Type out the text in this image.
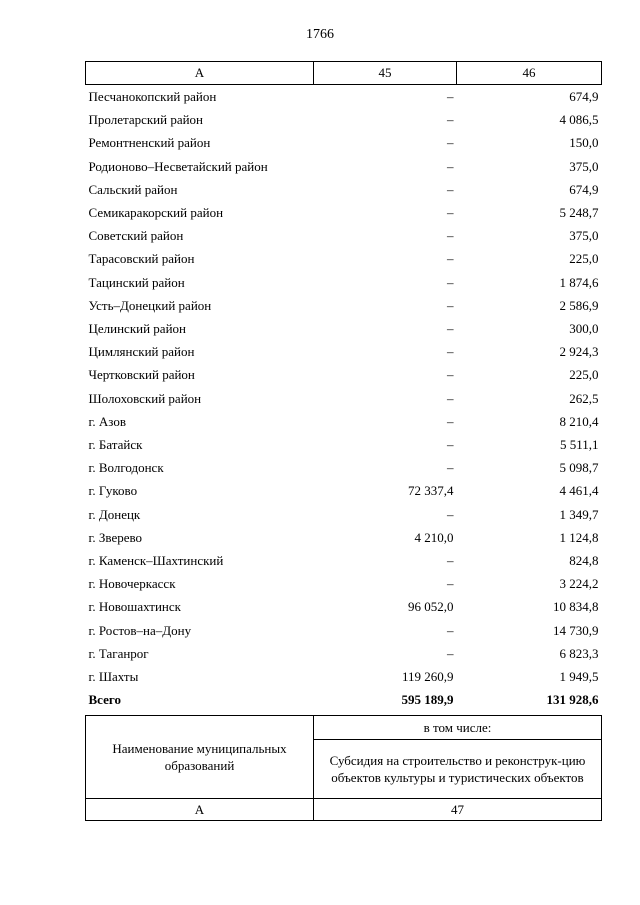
1766
А	45	46
Песчанокопский район	–	674,9
Пролетарский район	–	4 086,5
Ремонтненский район	–	150,0
Родионово–Несветайский район	–	375,0
Сальский район	–	674,9
Семикаракорский район	–	5 248,7
Советский район	–	375,0
Тарасовский район	–	225,0
Тацинский район	–	1 874,6
Усть–Донецкий район	–	2 586,9
Целинский район	–	300,0
Цимлянский район	–	2 924,3
Чертковский район	–	225,0
Шолоховский район	–	262,5
г. Азов	–	8 210,4
г. Батайск	–	5 511,1
г. Волгодонск	–	5 098,7
г. Гуково	72 337,4	4 461,4
г. Донецк	–	1 349,7
г. Зверево	4 210,0	1 124,8
г. Каменск–Шахтинский	–	824,8
г. Новочеркасск	–	3 224,2
г. Новошахтинск	96 052,0	10 834,8
г. Ростов–на–Дону	–	14 730,9
г. Таганрог	–	6 823,3
г. Шахты	119 260,9	1 949,5
Всего	595 189,9	131 928,6
Наименование муниципальных образований	в том числе:
	Субсидия на строительство и реконструк-цию объектов культуры и туристических объектов
А	47
